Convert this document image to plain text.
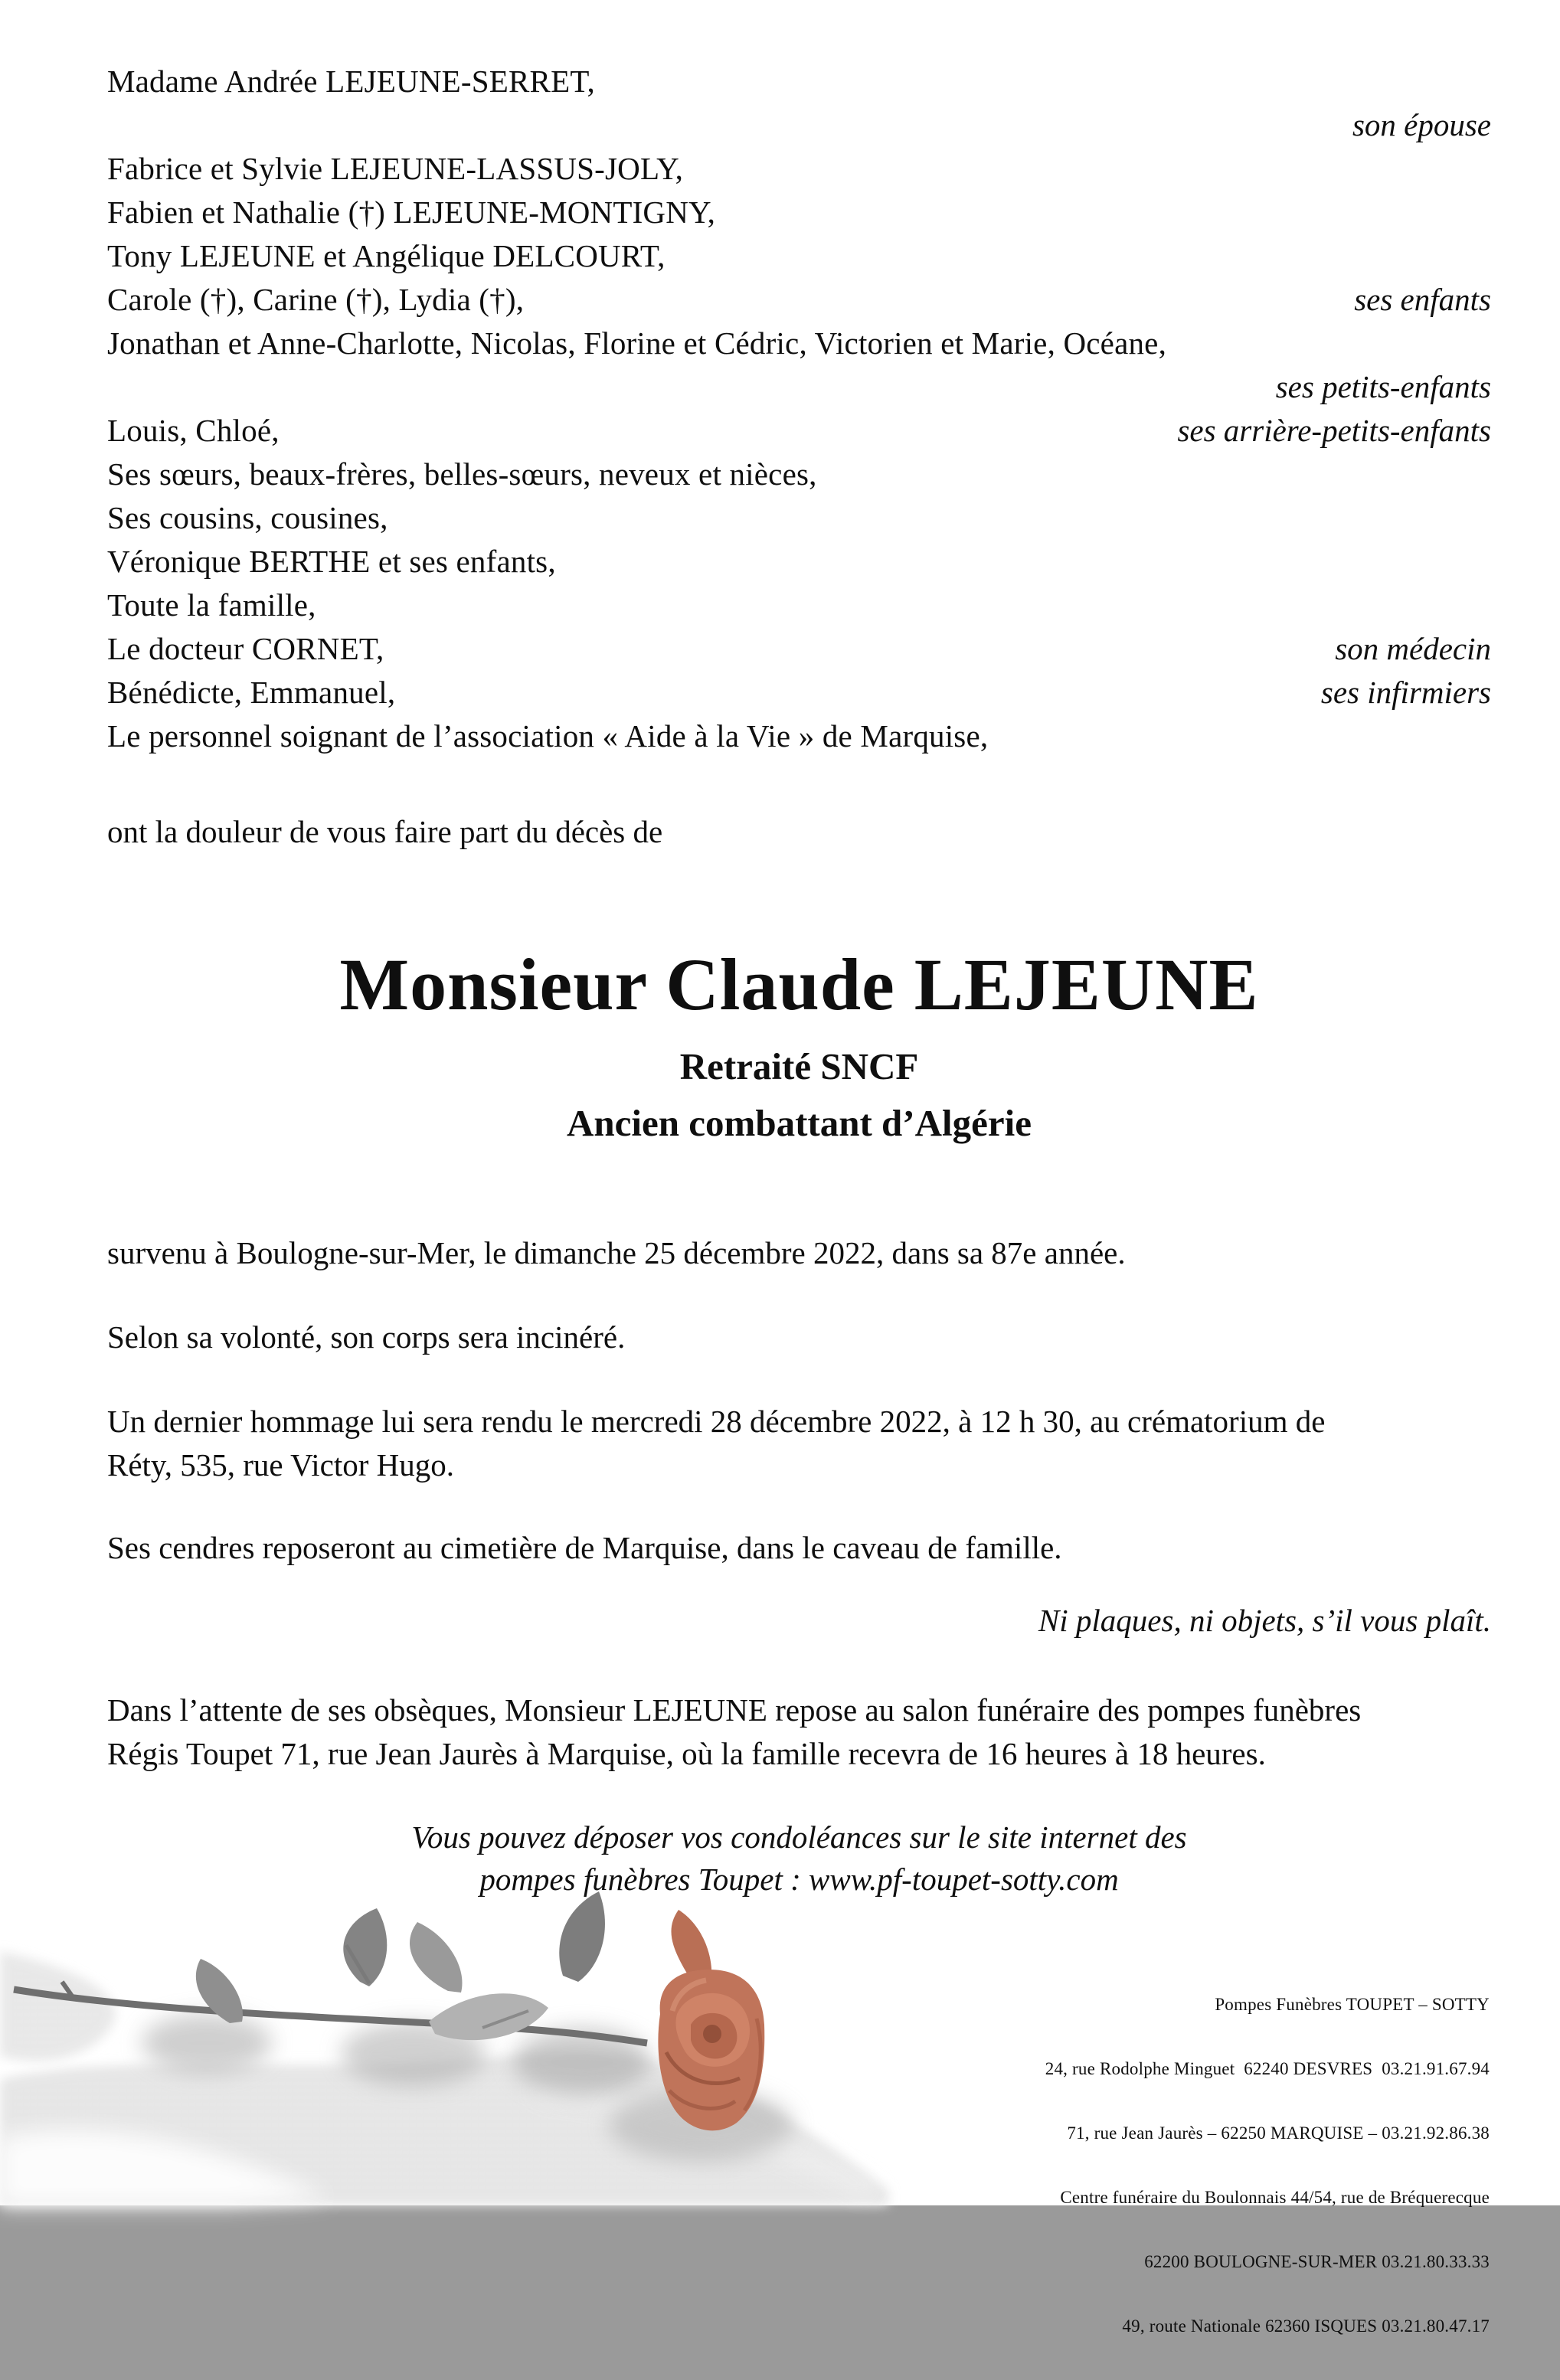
Madame Andrée LEJEUNE-SERRET,
son épouse
Fabrice et Sylvie LEJEUNE-LASSUS-JOLY,
Fabien et Nathalie (†) LEJEUNE-MONTIGNY,
Tony LEJEUNE et Angélique DELCOURT,
Carole (†), Carine (†), Lydia (†),	ses enfants
Jonathan et Anne-Charlotte, Nicolas, Florine et Cédric, Victorien et Marie, Océane,
ses petits-enfants
Louis, Chloé,	ses arrière-petits-enfants
Ses sœurs, beaux-frères, belles-sœurs, neveux et nièces,
Ses cousins, cousines,
Véronique BERTHE et ses enfants,
Toute la famille,
Le docteur CORNET,	son médecin
Bénédicte, Emmanuel,	ses infirmiers
Le personnel soignant de l’association « Aide à la Vie » de Marquise,
ont la douleur de vous faire part du décès de
Monsieur Claude LEJEUNE
Retraité SNCF
Ancien combattant d’Algérie
survenu à Boulogne-sur-Mer, le dimanche 25 décembre 2022, dans sa 87e année.
Selon sa volonté, son corps sera incinéré.
Un dernier hommage lui sera rendu le mercredi 28 décembre 2022, à 12 h 30, au crématorium de
Réty, 535, rue Victor Hugo.
Ses cendres reposeront au cimetière de Marquise, dans le caveau de famille.
Ni plaques, ni objets, s’il vous plaît.
Dans l’attente de ses obsèques, Monsieur LEJEUNE repose au salon funéraire des pompes funèbres
Régis Toupet 71, rue Jean Jaurès à Marquise, où la famille recevra de 16 heures à 18 heures.
Vous pouvez déposer vos condoléances sur le site internet des
pompes funèbres Toupet : www.pf-toupet-sotty.com

Pompes Funèbres TOUPET – SOTTY

24, rue Rodolphe Minguet  62240 DESVRES  03.21.91.67.94

71, rue Jean Jaurès – 62250 MARQUISE – 03.21.92.86.38

Centre funéraire du Boulonnais 44/54, rue de Bréquerecque

62200 BOULOGNE-SUR-MER 03.21.80.33.33

49, route Nationale 62360 ISQUES 03.21.80.47.17
